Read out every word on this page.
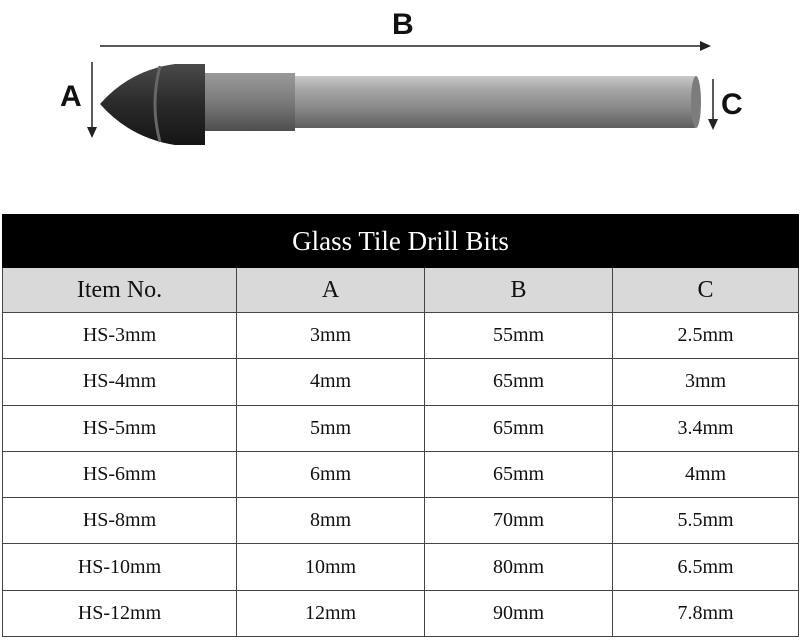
A
B
C
Glass Tile Drill Bits			
Item No.	A	B	C
HS-3mm	3mm	55mm	2.5mm
HS-4mm	4mm	65mm	3mm
HS-5mm	5mm	65mm	3.4mm
HS-6mm	6mm	65mm	4mm
HS-8mm	8mm	70mm	5.5mm
HS-10mm	10mm	80mm	6.5mm
HS-12mm	12mm	90mm	7.8mm
